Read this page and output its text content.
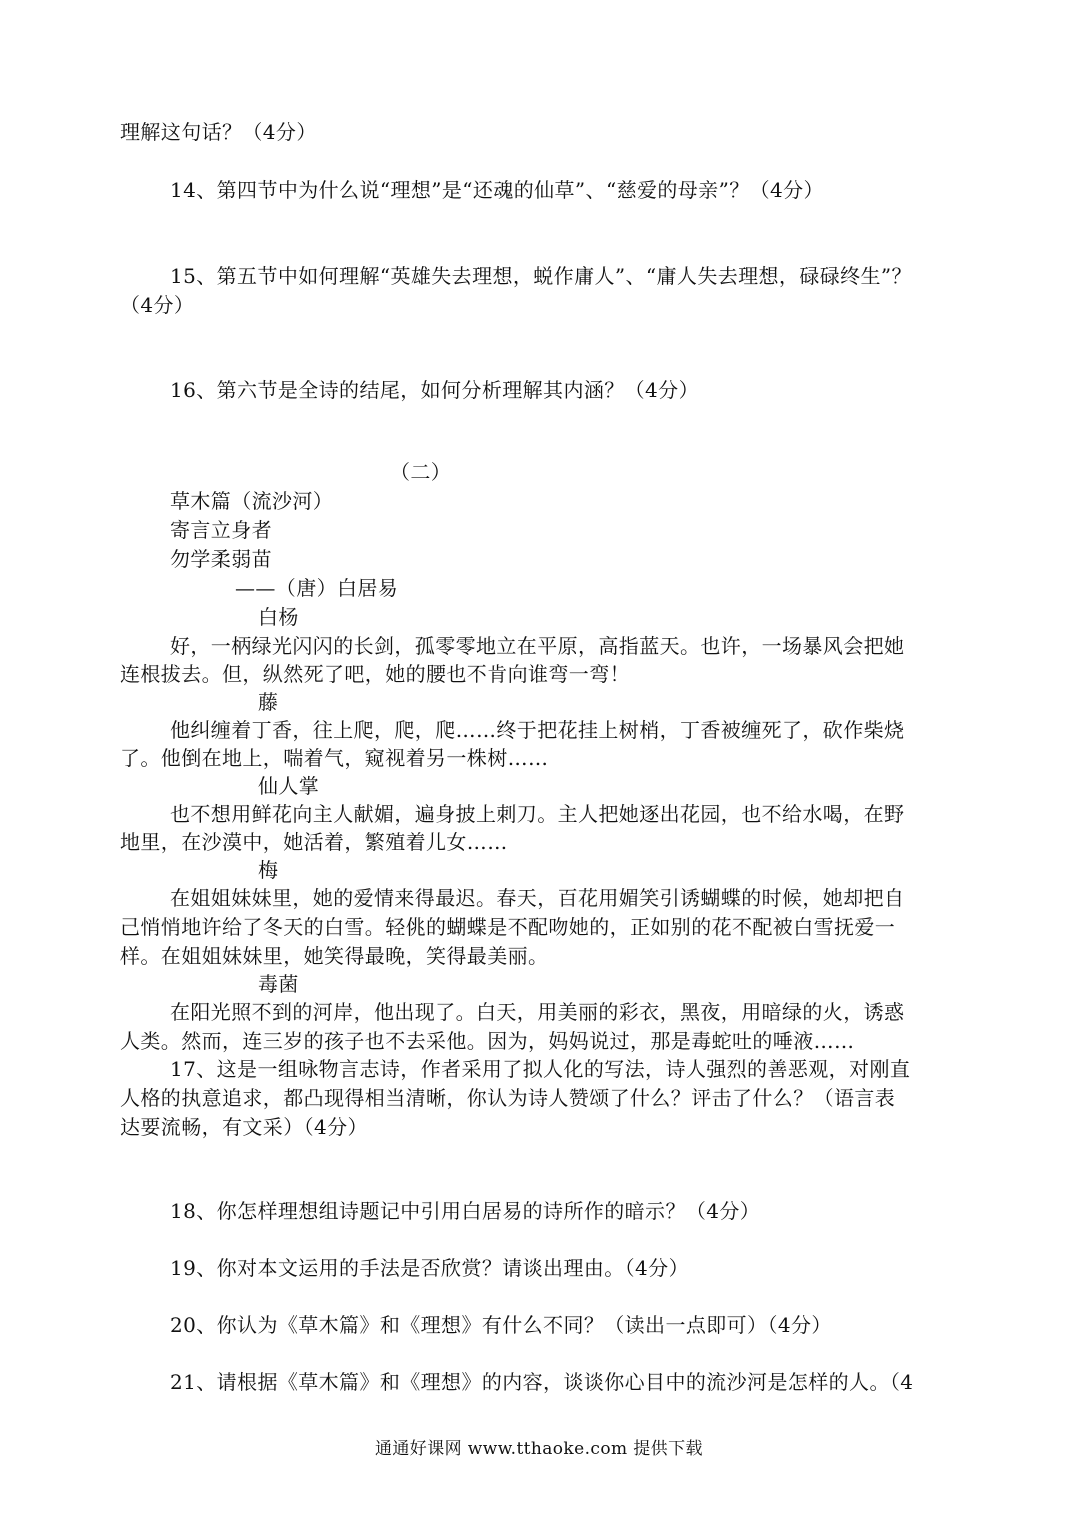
理解这句话？（4分）
14、第四节中为什么说“理想”是“还魂的仙草”、“慈爱的母亲”？（4分）
15、第五节中如何理解“英雄失去理想，蜕作庸人”、“庸人失去理想，碌碌终生”？
（4分）
16、第六节是全诗的结尾，如何分析理解其内涵？（4分）
（二）
草木篇（流沙河）
寄言立身者
勿学柔弱苗
——（唐）白居易
白杨
好，一柄绿光闪闪的长剑，孤零零地立在平原，高指蓝天。也许，一场暴风会把她
连根拔去。但，纵然死了吧，她的腰也不肯向谁弯一弯！
藤
他纠缠着丁香，往上爬，爬，爬……终于把花挂上树梢，丁香被缠死了，砍作柴烧
了。他倒在地上，喘着气，窥视着另一株树……
仙人掌
也不想用鲜花向主人献媚，遍身披上刺刀。主人把她逐出花园，也不给水喝，在野
地里，在沙漠中，她活着，繁殖着儿女……
梅
在姐姐妹妹里，她的爱情来得最迟。春天，百花用媚笑引诱蝴蝶的时候，她却把自
己悄悄地许给了冬天的白雪。轻佻的蝴蝶是不配吻她的，正如别的花不配被白雪抚爱一
样。在姐姐妹妹里，她笑得最晚，笑得最美丽。
毒菌
在阳光照不到的河岸，他出现了。白天，用美丽的彩衣，黑夜，用暗绿的火，诱惑
人类。然而，连三岁的孩子也不去采他。因为，妈妈说过，那是毒蛇吐的唾液……
17、这是一组咏物言志诗，作者采用了拟人化的写法，诗人强烈的善恶观，对刚直
人格的执意追求，都凸现得相当清晰，你认为诗人赞颂了什么？评击了什么？（语言表
达要流畅，有文采）（4分）
18、你怎样理想组诗题记中引用白居易的诗所作的暗示？（4分）
19、你对本文运用的手法是否欣赏？请谈出理由。（4分）
20、你认为《草木篇》和《理想》有什么不同？（读出一点即可）（4分）
21、请根据《草木篇》和《理想》的内容，谈谈你心目中的流沙河是怎样的人。（4
通通好课网 www.tthaoke.com 提供下载
